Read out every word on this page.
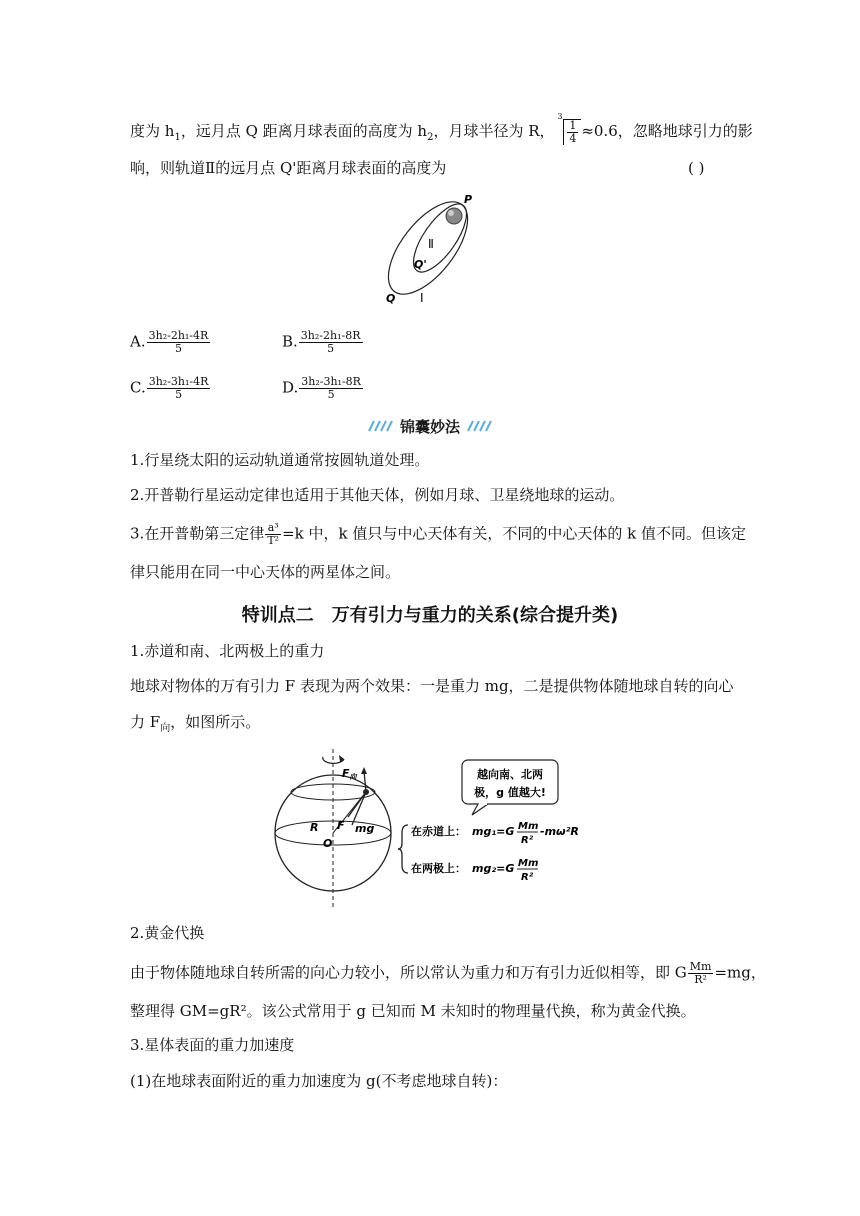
度为 $h_1$，远月点 Q 距离月球表面的高度为 $h_2$，月球半径为 R，
3
$\frac{1}{4} \approx 0.6$，忽略地球引力的影
响，则轨道Ⅱ的远月点 Q'距离月球表面的高度为	( )
P
Ⅱ
Q'
Q Ⅰ
A. $\frac{\text{3h₂-2h₁-4R}}{5}$	B. $\frac{\text{3h₂-2h₁-8R}}{5}$
C. $\frac{\text{3h₂-3h₁-4R}}{5}$	D. $\frac{\text{3h₂-3h₁-8R}}{5}$
锦囊妙法
1.行星绕太阳的运动轨道通常按圆轨道处理。
2.开普勒行星运动定律也适用于其他天体，例如月球、卫星绕地球的运动。
3.在开普勒第三定律 $\frac{\text{a³}}{\text{T²}} =k$ 中，k 值只与中心天体有关，不同的中心天体的 k 值不同。但该定
律只能用在同一中心天体的两星体之间。
特训点二　万有引力与重力的关系(综合提升类)
1.赤道和南、北两极上的重力
地球对物体的万有引力 F 表现为两个效果：一是重力 mg，二是提供物体随地球自转的向心
力 $F_向$，如图所示。
F向
F mg
R
O
越向南、北两
极，g 值越大!
在赤道上： mg₁=G Mm
R²
-mω²R
在两极上： mg₂=G Mm
R²
2.黄金代换
由于物体随地球自转所需的向心力较小，所以常认为重力和万有引力近似相等，即 G $\frac{Mm}{\text{R²}} =mg$，
整理得 GM=gR²。该公式常用于 g 已知而 M 未知时的物理量代换，称为黄金代换。
3.星体表面的重力加速度
(1)在地球表面附近的重力加速度为 g(不考虑地球自转)：
